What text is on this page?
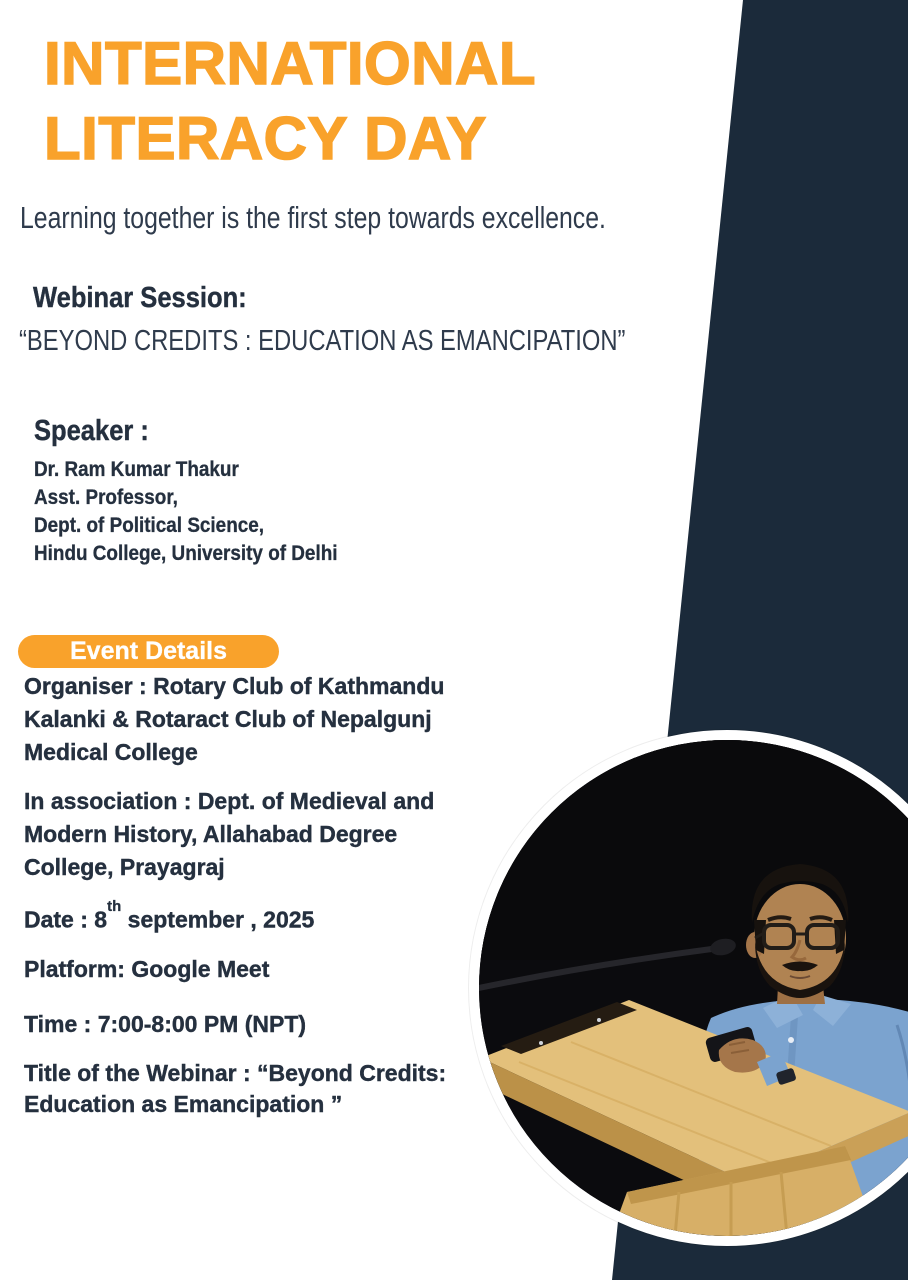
INTERNATIONAL
LITERACY DAY
Learning together is the first step towards excellence.
Webinar Session:
“BEYOND CREDITS : EDUCATION AS EMANCIPATION”
Speaker :
Dr. Ram Kumar Thakur
Asst. Professor,
Dept. of Political Science,
Hindu College, University of Delhi
Event Details
Organiser : Rotary Club of Kathmandu
Kalanki & Rotaract Club of Nepalgunj
Medical College
In association : Dept. of Medieval and
Modern History, Allahabad Degree
College, Prayagraj
Date : 8th september , 2025
Platform: Google Meet
Time : 7:00-8:00 PM (NPT)
Title of the Webinar : “Beyond Credits:
Education as Emancipation ”
